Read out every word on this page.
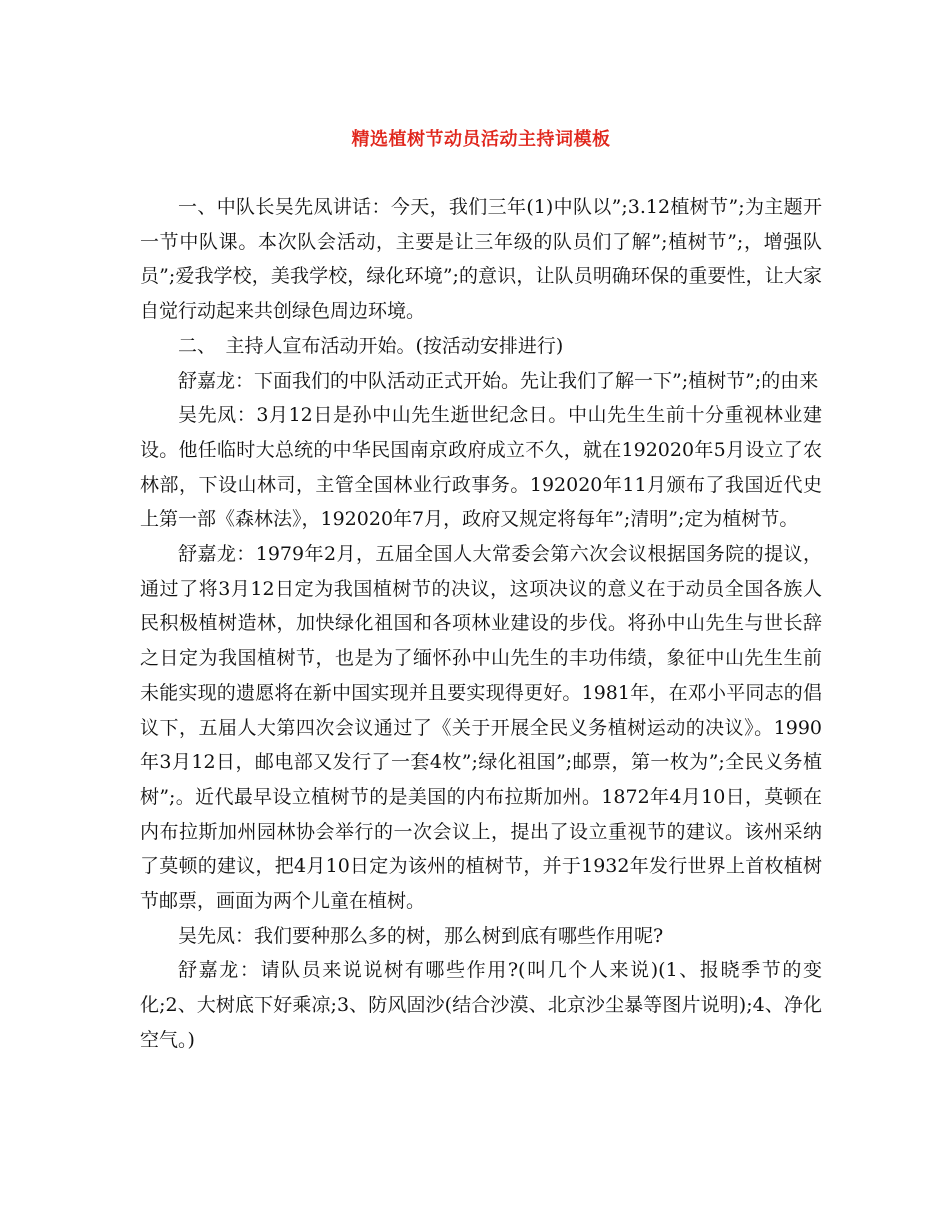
精选植树节动员活动主持词模板

一、中队长吴先凤讲话：今天，我们三年(1)中队以”;3.12植树节”;为主题开一节中队课。本次队会活动，主要是让三年级的队员们了解”;植树节”;，增强队员”;爱我学校，美我学校，绿化环境”;的意识，让队员明确环保的重要性，让大家自觉行动起来共创绿色周边环境。

二、　主持人宣布活动开始。(按活动安排进行)

舒嘉龙：下面我们的中队活动正式开始。先让我们了解一下”;植树节”;的由来

吴先凤：3月12日是孙中山先生逝世纪念日。中山先生生前十分重视林业建设。他任临时大总统的中华民国南京政府成立不久，就在192020年5月设立了农林部，下设山林司，主管全国林业行政事务。192020年11月颁布了我国近代史上第一部《森林法》，192020年7月，政府又规定将每年”;清明”;定为植树节。

舒嘉龙：1979年2月，五届全国人大常委会第六次会议根据国务院的提议，通过了将3月12日定为我国植树节的决议，这项决议的意义在于动员全国各族人民积极植树造林，加快绿化祖国和各项林业建设的步伐。将孙中山先生与世长辞之日定为我国植树节，也是为了缅怀孙中山先生的丰功伟绩，象征中山先生生前未能实现的遗愿将在新中国实现并且要实现得更好。1981年，在邓小平同志的倡议下，五届人大第四次会议通过了《关于开展全民义务植树运动的决议》。1990年3月12日，邮电部又发行了一套4枚”;绿化祖国”;邮票，第一枚为”;全民义务植树”;。近代最早设立植树节的是美国的内布拉斯加州。1872年4月10日，莫顿在内布拉斯加州园林协会举行的一次会议上，提出了设立重视节的建议。该州采纳了莫顿的建议，把4月10日定为该州的植树节，并于1932年发行世界上首枚植树节邮票，画面为两个儿童在植树。

吴先凤：我们要种那么多的树，那么树到底有哪些作用呢?

舒嘉龙：请队员来说说树有哪些作用?(叫几个人来说)(1、报晓季节的变化;2、大树底下好乘凉;3、防风固沙(结合沙漠、北京沙尘暴等图片说明);4、净化空气。)
